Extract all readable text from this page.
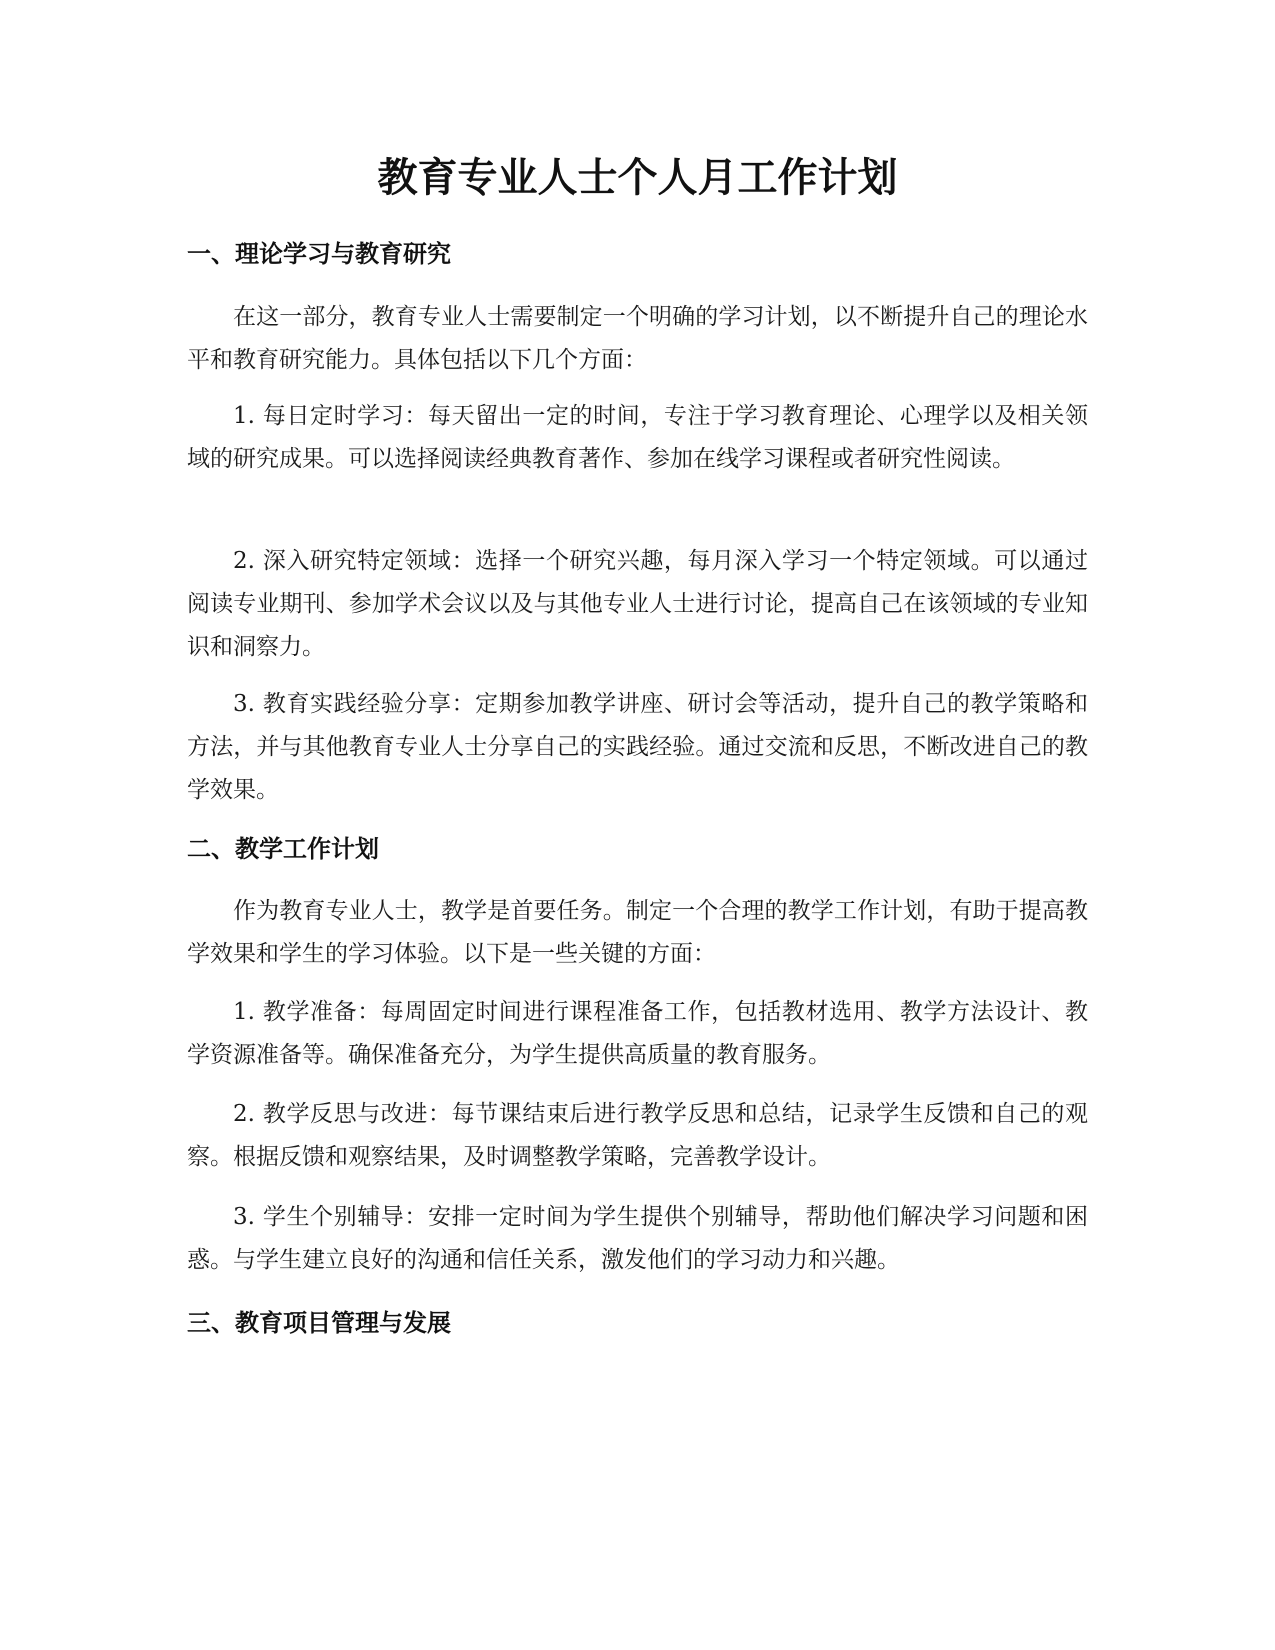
教育专业人士个人月工作计划
一、理论学习与教育研究

在这一部分，教育专业人士需要制定一个明确的学习计划，以不断提升自己的理论水平和教育研究能力。具体包括以下几个方面：

1. 每日定时学习：每天留出一定的时间，专注于学习教育理论、心理学以及相关领域的研究成果。可以选择阅读经典教育著作、参加在线学习课程或者研究性阅读。

2. 深入研究特定领域：选择一个研究兴趣，每月深入学习一个特定领域。可以通过阅读专业期刊、参加学术会议以及与其他专业人士进行讨论，提高自己在该领域的专业知识和洞察力。

3. 教育实践经验分享：定期参加教学讲座、研讨会等活动，提升自己的教学策略和方法，并与其他教育专业人士分享自己的实践经验。通过交流和反思，不断改进自己的教学效果。

二、教学工作计划

作为教育专业人士，教学是首要任务。制定一个合理的教学工作计划，有助于提高教学效果和学生的学习体验。以下是一些关键的方面：

1. 教学准备：每周固定时间进行课程准备工作，包括教材选用、教学方法设计、教学资源准备等。确保准备充分，为学生提供高质量的教育服务。

2. 教学反思与改进：每节课结束后进行教学反思和总结，记录学生反馈和自己的观察。根据反馈和观察结果，及时调整教学策略，完善教学设计。

3. 学生个别辅导：安排一定时间为学生提供个别辅导，帮助他们解决学习问题和困惑。与学生建立良好的沟通和信任关系，激发他们的学习动力和兴趣。

三、教育项目管理与发展
